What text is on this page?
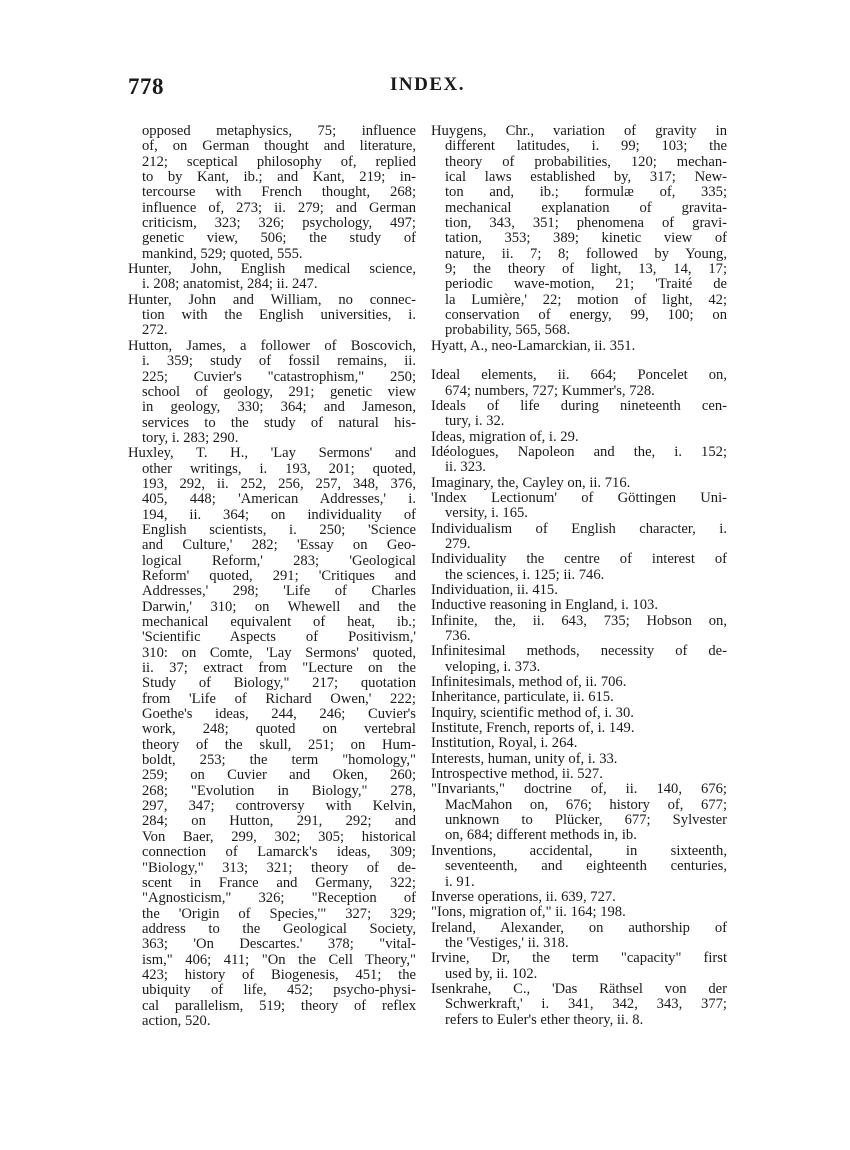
778	INDEX.
opposed metaphysics, 75; influence
of, on German thought and literature,
212; sceptical philosophy of, replied
to by Kant, ib.; and Kant, 219; in-
tercourse with French thought, 268;
influence of, 273; ii. 279; and German
criticism, 323; 326; psychology, 497;
genetic view, 506; the study of
mankind, 529; quoted, 555.
Hunter, John, English medical science,
i. 208; anatomist, 284; ii. 247.
Hunter, John and William, no connec-
tion with the English universities, i.
272.
Hutton, James, a follower of Boscovich,
i. 359; study of fossil remains, ii.
225; Cuvier's "catastrophism," 250;
school of geology, 291; genetic view
in geology, 330; 364; and Jameson,
services to the study of natural his-
tory, i. 283; 290.
Huxley, T. H., 'Lay Sermons' and
other writings, i. 193, 201; quoted,
193, 292, ii. 252, 256, 257, 348, 376,
405, 448; 'American Addresses,' i.
194, ii. 364; on individuality of
English scientists, i. 250; 'Science
and Culture,' 282; 'Essay on Geo-
logical Reform,' 283; 'Geological
Reform' quoted, 291; 'Critiques and
Addresses,' 298; 'Life of Charles
Darwin,' 310; on Whewell and the
mechanical equivalent of heat, ib.;
'Scientific Aspects of Positivism,'
310: on Comte, 'Lay Sermons' quoted,
ii. 37; extract from "Lecture on the
Study of Biology," 217; quotation
from 'Life of Richard Owen,' 222;
Goethe's ideas, 244, 246; Cuvier's
work, 248; quoted on vertebral
theory of the skull, 251; on Hum-
boldt, 253; the term "homology,"
259; on Cuvier and Oken, 260;
268; "Evolution in Biology," 278,
297, 347; controversy with Kelvin,
284; on Hutton, 291, 292; and
Von Baer, 299, 302; 305; historical
connection of Lamarck's ideas, 309;
"Biology," 313; 321; theory of de-
scent in France and Germany, 322;
"Agnosticism," 326; "Reception of
the 'Origin of Species,'" 327; 329;
address to the Geological Society,
363; 'On Descartes.' 378; "vital-
ism," 406; 411; "On the Cell Theory,"
423; history of Biogenesis, 451; the
ubiquity of life, 452; psycho-physi-
cal parallelism, 519; theory of reflex
action, 520.
Huygens, Chr., variation of gravity in
different latitudes, i. 99; 103; the
theory of probabilities, 120; mechan-
ical laws established by, 317; New-
ton and, ib.; formulæ of, 335;
mechanical explanation of gravita-
tion, 343, 351; phenomena of gravi-
tation, 353; 389; kinetic view of
nature, ii. 7; 8; followed by Young,
9; the theory of light, 13, 14, 17;
periodic wave-motion, 21; 'Traité de
la Lumière,' 22; motion of light, 42;
conservation of energy, 99, 100; on
probability, 565, 568.
Hyatt, A., neo-Lamarckian, ii. 351.
Ideal elements, ii. 664; Poncelet on,
674; numbers, 727; Kummer's, 728.
Ideals of life during nineteenth cen-
tury, i. 32.
Ideas, migration of, i. 29.
Idéologues, Napoleon and the, i. 152;
ii. 323.
Imaginary, the, Cayley on, ii. 716.
'Index Lectionum' of Göttingen Uni-
versity, i. 165.
Individualism of English character, i.
279.
Individuality the centre of interest of
the sciences, i. 125; ii. 746.
Individuation, ii. 415.
Inductive reasoning in England, i. 103.
Infinite, the, ii. 643, 735; Hobson on,
736.
Infinitesimal methods, necessity of de-
veloping, i. 373.
Infinitesimals, method of, ii. 706.
Inheritance, particulate, ii. 615.
Inquiry, scientific method of, i. 30.
Institute, French, reports of, i. 149.
Institution, Royal, i. 264.
Interests, human, unity of, i. 33.
Introspective method, ii. 527.
"Invariants," doctrine of, ii. 140, 676;
MacMahon on, 676; history of, 677;
unknown to Plücker, 677; Sylvester
on, 684; different methods in, ib.
Inventions, accidental, in sixteenth,
seventeenth, and eighteenth centuries,
i. 91.
Inverse operations, ii. 639, 727.
"Ions, migration of," ii. 164; 198.
Ireland, Alexander, on authorship of
the 'Vestiges,' ii. 318.
Irvine, Dr, the term "capacity" first
used by, ii. 102.
Isenkrahe, C., 'Das Räthsel von der
Schwerkraft,' i. 341, 342, 343, 377;
refers to Euler's ether theory, ii. 8.
